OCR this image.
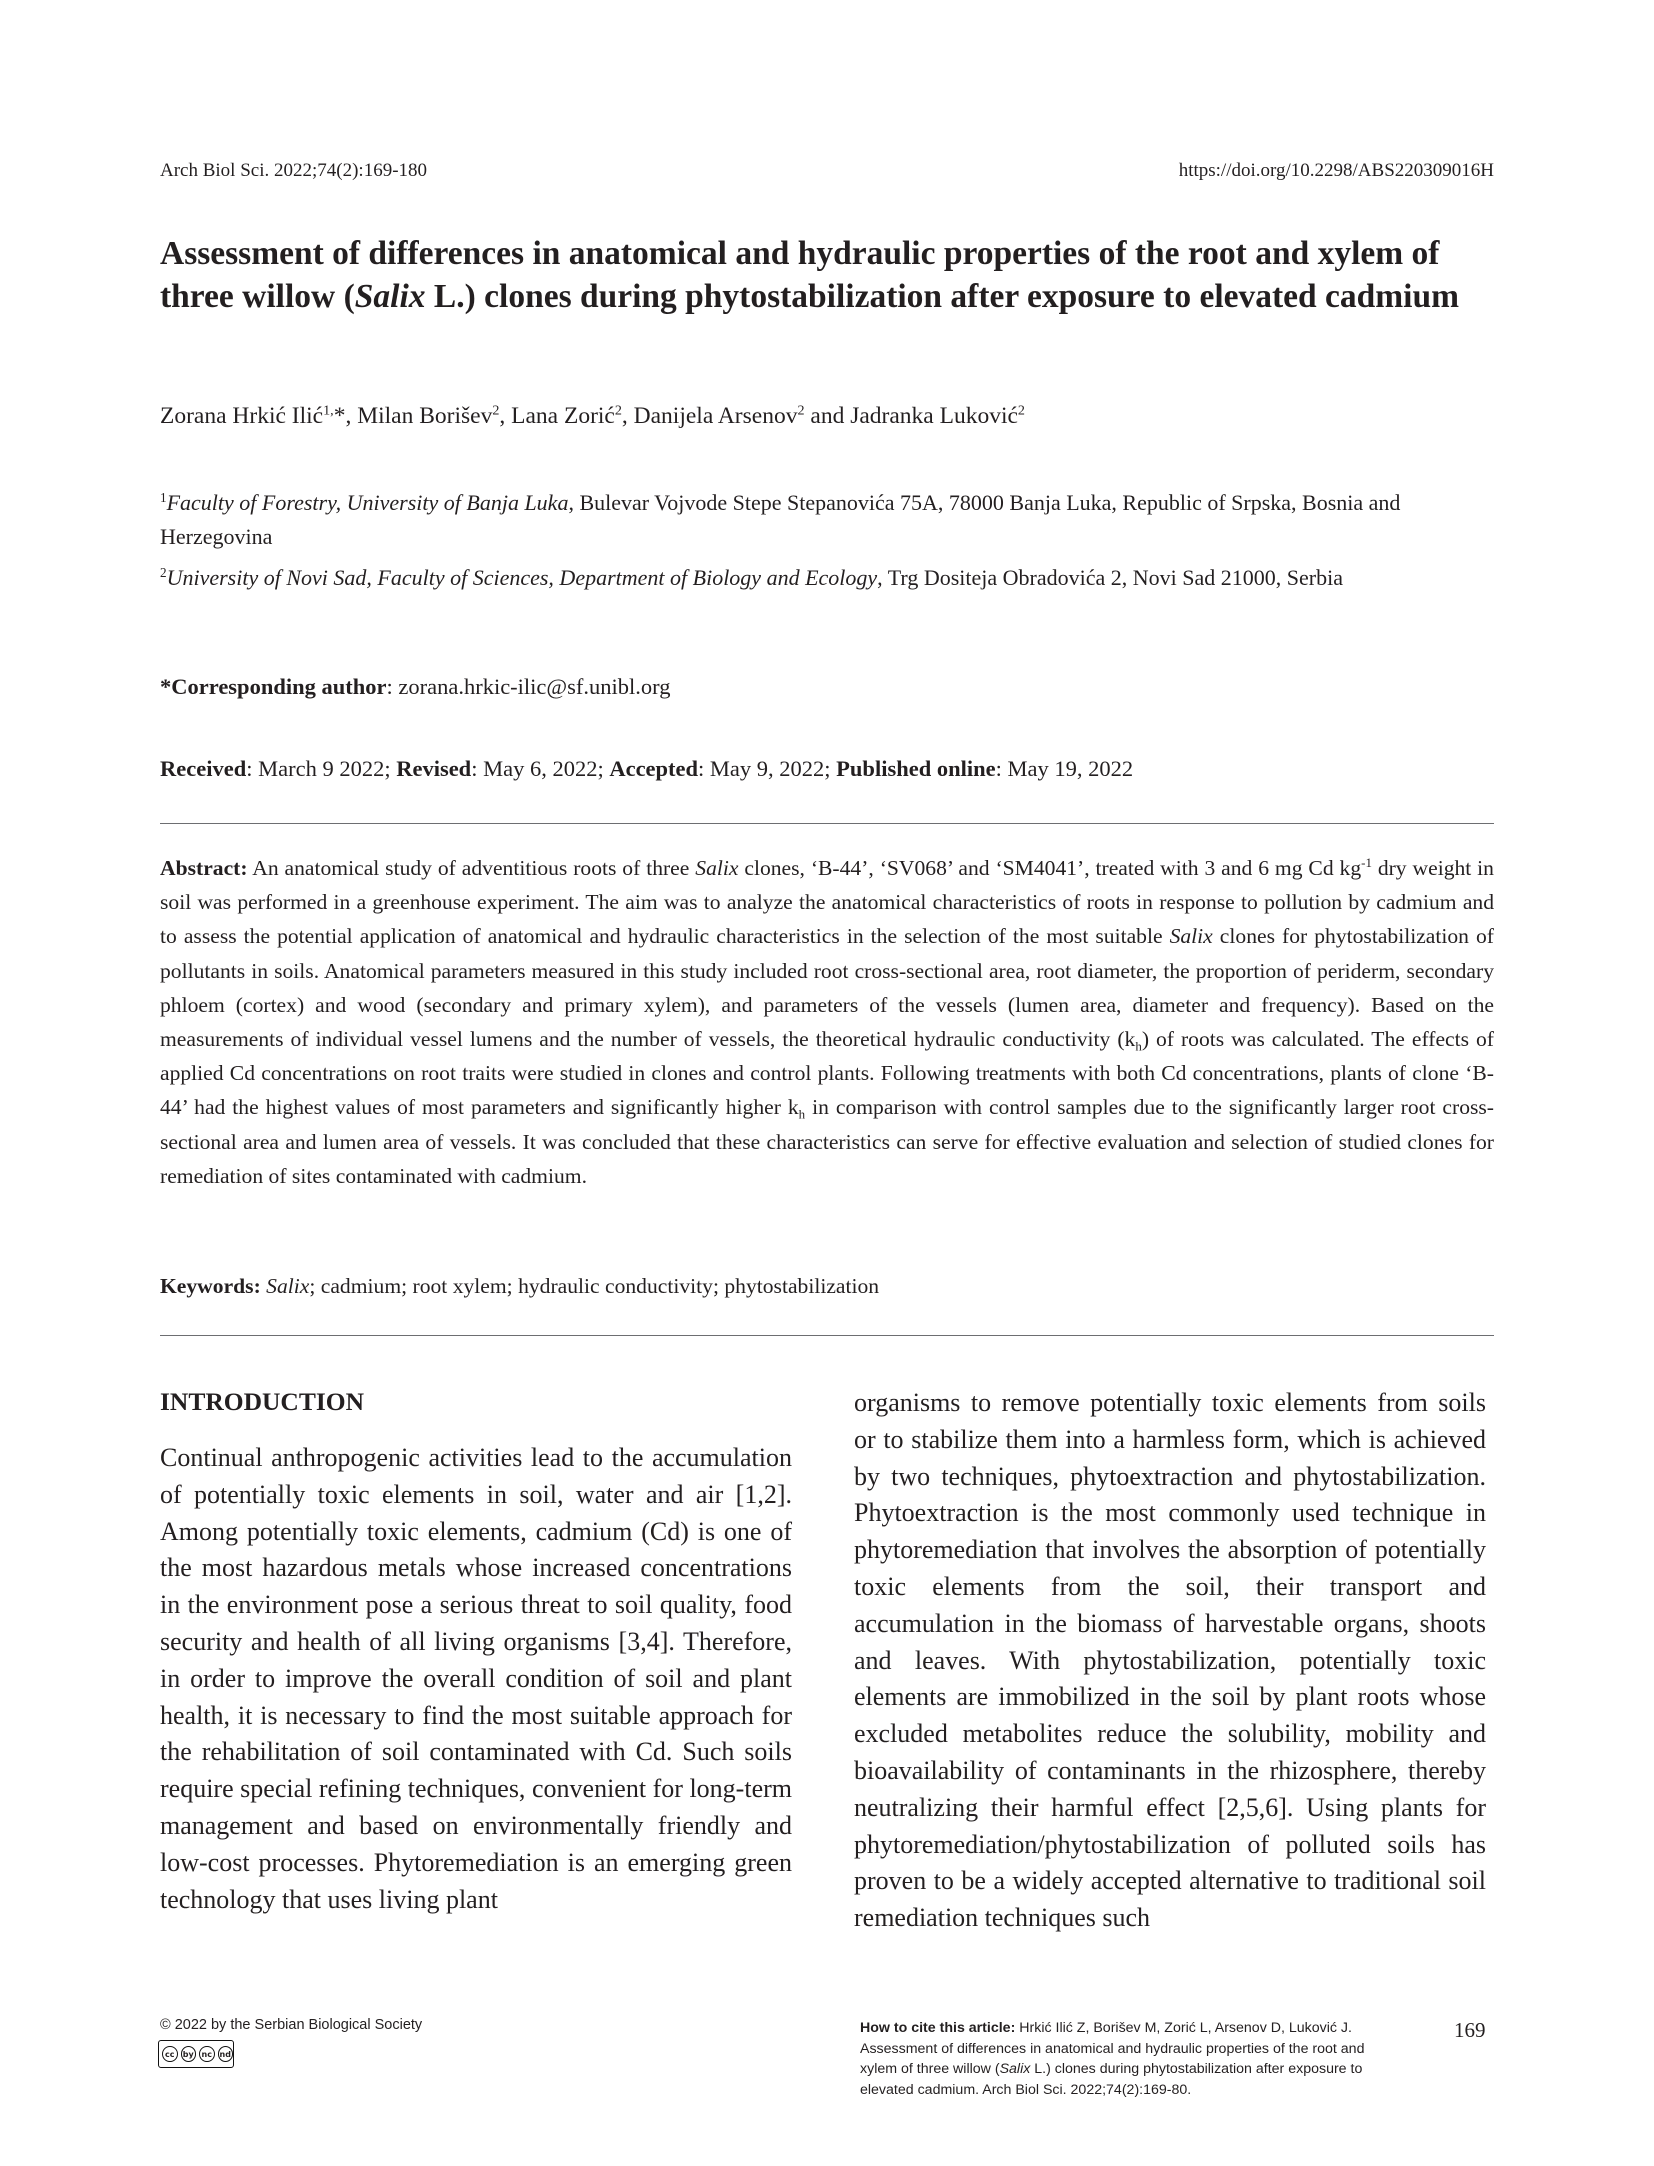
Arch Biol Sci. 2022;74(2):169-180	https://doi.org/10.2298/ABS220309016H
Assessment of differences in anatomical and hydraulic properties of the root and xylem of three willow (Salix L.) clones during phytostabilization after exposure to elevated cadmium
Zorana Hrkić Ilić$^{1,}$*, Milan Borišev$^2$, Lana Zorić$^2$, Danijela Arsenov$^2$ and Jadranka Luković$^2$
$^1$Faculty of Forestry, University of Banja Luka, Bulevar Vojvode Stepe Stepanovića 75A, 78000 Banja Luka, Republic of Srpska, Bosnia and Herzegovina
$^2$University of Novi Sad, Faculty of Sciences, Department of Biology and Ecology, Trg Dositeja Obradovića 2, Novi Sad 21000, Serbia
*Corresponding author: zorana.hrkic-ilic@sf.unibl.org
Received: March 9 2022; Revised: May 6, 2022; Accepted: May 9, 2022; Published online: May 19, 2022
Abstract: An anatomical study of adventitious roots of three Salix clones, ‘B-44’, ‘SV068’ and ‘SM4041’, treated with 3 and 6 mg Cd $kg^{-1}$ dry weight in soil was performed in a greenhouse experiment. The aim was to analyze the anatomical characteristics of roots in response to pollution by cadmium and to assess the potential application of anatomical and hydraulic characteristics in the selection of the most suitable Salix clones for phytostabilization of pollutants in soils. Anatomical parameters measured in this study included root cross-sectional area, root diameter, the proportion of periderm, secondary phloem (cortex) and wood (secondary and primary xylem), and parameters of the vessels (lumen area, diameter and frequency). Based on the measurements of individual vessel lumens and the number of vessels, the theoretical hydraulic conductivity $(k_h)$ of roots was calculated. The effects of applied Cd concentrations on root traits were studied in clones and control plants. Following treatments with both Cd concentrations, plants of clone ‘B-44’ had the highest values of most parameters and significantly higher $k_h$ in comparison with control samples due to the significantly larger root cross-sectional area and lumen area of vessels. It was concluded that these characteristics can serve for effective evaluation and selection of studied clones for remediation of sites contaminated with cadmium.
Keywords: Salix; cadmium; root xylem; hydraulic conductivity; phytostabilization
INTRODUCTION

Continual anthropogenic activities lead to the accumulation of potentially toxic elements in soil, water and air [1,2]. Among potentially toxic elements, cadmium (Cd) is one of the most hazardous metals whose increased concentrations in the environment pose a serious threat to soil quality, food security and health of all living organisms [3,4]. Therefore, in order to improve the overall condition of soil and plant health, it is necessary to find the most suitable approach for the rehabilitation of soil contaminated with Cd. Such soils require special refining techniques, convenient for long-term management and based on environmentally friendly and low-cost processes. Phytoremediation is an emerging green technology that uses living plant

organisms to remove potentially toxic elements from soils or to stabilize them into a harmless form, which is achieved by two techniques, phytoextraction and phytostabilization. Phytoextraction is the most commonly used technique in phytoremediation that involves the absorption of potentially toxic elements from the soil, their transport and accumulation in the biomass of harvestable organs, shoots and leaves. With phytostabilization, potentially toxic elements are immobilized in the soil by plant roots whose excluded metabolites reduce the solubility, mobility and bioavailability of contaminants in the rhizosphere, thereby neutralizing their harmful effect [2,5,6]. Using plants for phytoremediation/phytostabilization of polluted soils has proven to be a widely accepted alternative to traditional soil remediation techniques such

© 2022 by the Serbian Biological Society
cc	by nc nd
How to cite this article: Hrkić Ilić Z, Borišev M, Zorić L, Arsenov D, Luković J. Assessment of differences in anatomical and hydraulic properties of the root and xylem of three willow (Salix L.) clones during phytostabilization after exposure to elevated cadmium. Arch Biol Sci. 2022;74(2):169-80.
169
